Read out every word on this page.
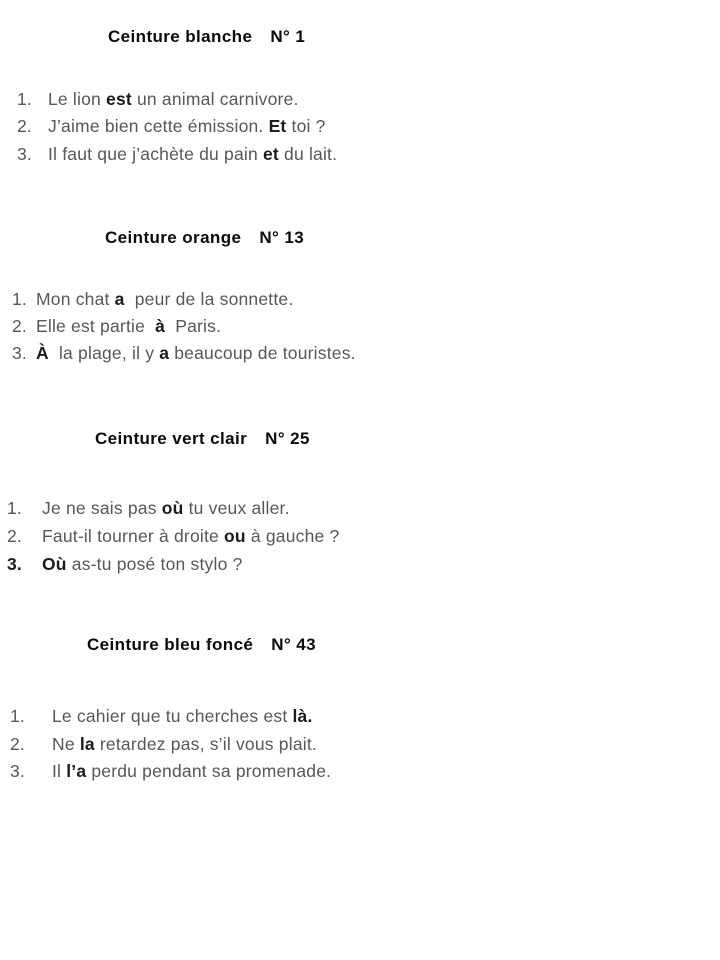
Ceinture blanche N° 1
1. Le lion est un animal carnivore.
2. J’aime bien cette émission. Et toi ?
3. Il faut que j’achète du pain et du lait.
Ceinture orange N° 13
1. Mon chat a  peur de la sonnette.
2. Elle est partie  à  Paris.
3. À  la plage, il y a beaucoup de touristes.
Ceinture vert clair N° 25
1.	Je ne sais pas où tu veux aller.
2.	Faut-il tourner à droite ou à gauche ?
3.	Où as-tu posé ton stylo ?
Ceinture bleu foncé N° 43
1.	Le cahier que tu cherches est là.
2.	Ne la retardez pas, s’il vous plait.
3.	Il l’a perdu pendant sa promenade.
